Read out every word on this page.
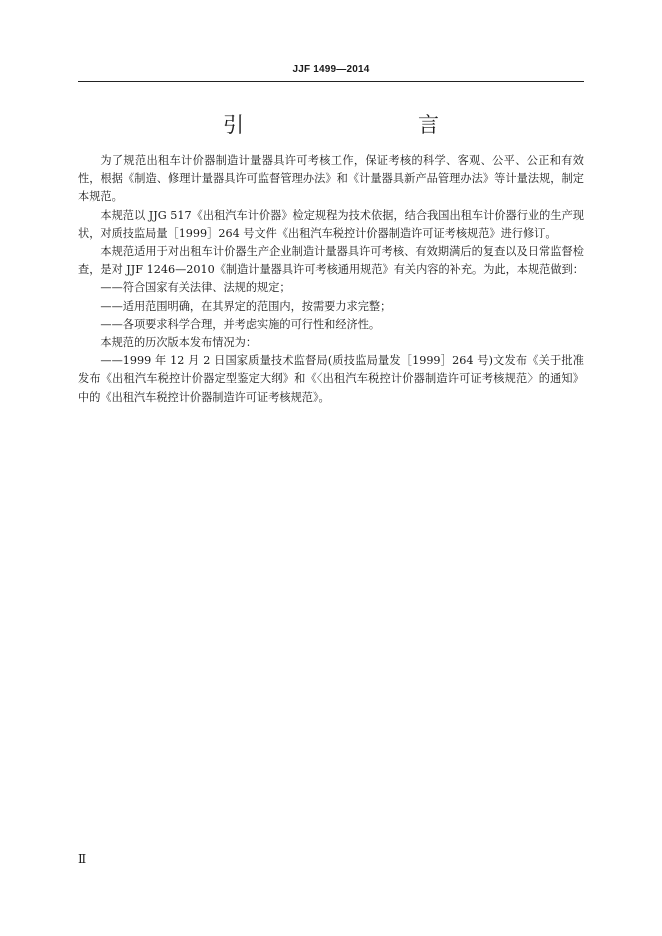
JJF 1499—2014
引　　言

为了规范出租车计价器制造计量器具许可考核工作，保证考核的科学、客观、公平、公正和有效性，根据《制造、修理计量器具许可监督管理办法》和《计量器具新产品管理办法》等计量法规，制定本规范。

本规范以 JJG 517《出租汽车计价器》检定规程为技术依据，结合我国出租车计价器行业的生产现状，对质技监局量［1999］264 号文件《出租汽车税控计价器制造许可证考核规范》进行修订。

本规范适用于对出租车计价器生产企业制造计量器具许可考核、有效期满后的复查以及日常监督检查，是对 JJF 1246—2010《制造计量器具许可考核通用规范》有关内容的补充。为此，本规范做到：

——符合国家有关法律、法规的规定；

——适用范围明确，在其界定的范围内，按需要力求完整；

——各项要求科学合理，并考虑实施的可行性和经济性。

本规范的历次版本发布情况为：

——1999 年 12 月 2 日国家质量技术监督局(质技监局量发［1999］264 号)文发布《关于批准发布《出租汽车税控计价器定型鉴定大纲》和《〈出租汽车税控计价器制造许可证考核规范〉的通知》中的《出租汽车税控计价器制造许可证考核规范》。

Ⅱ
